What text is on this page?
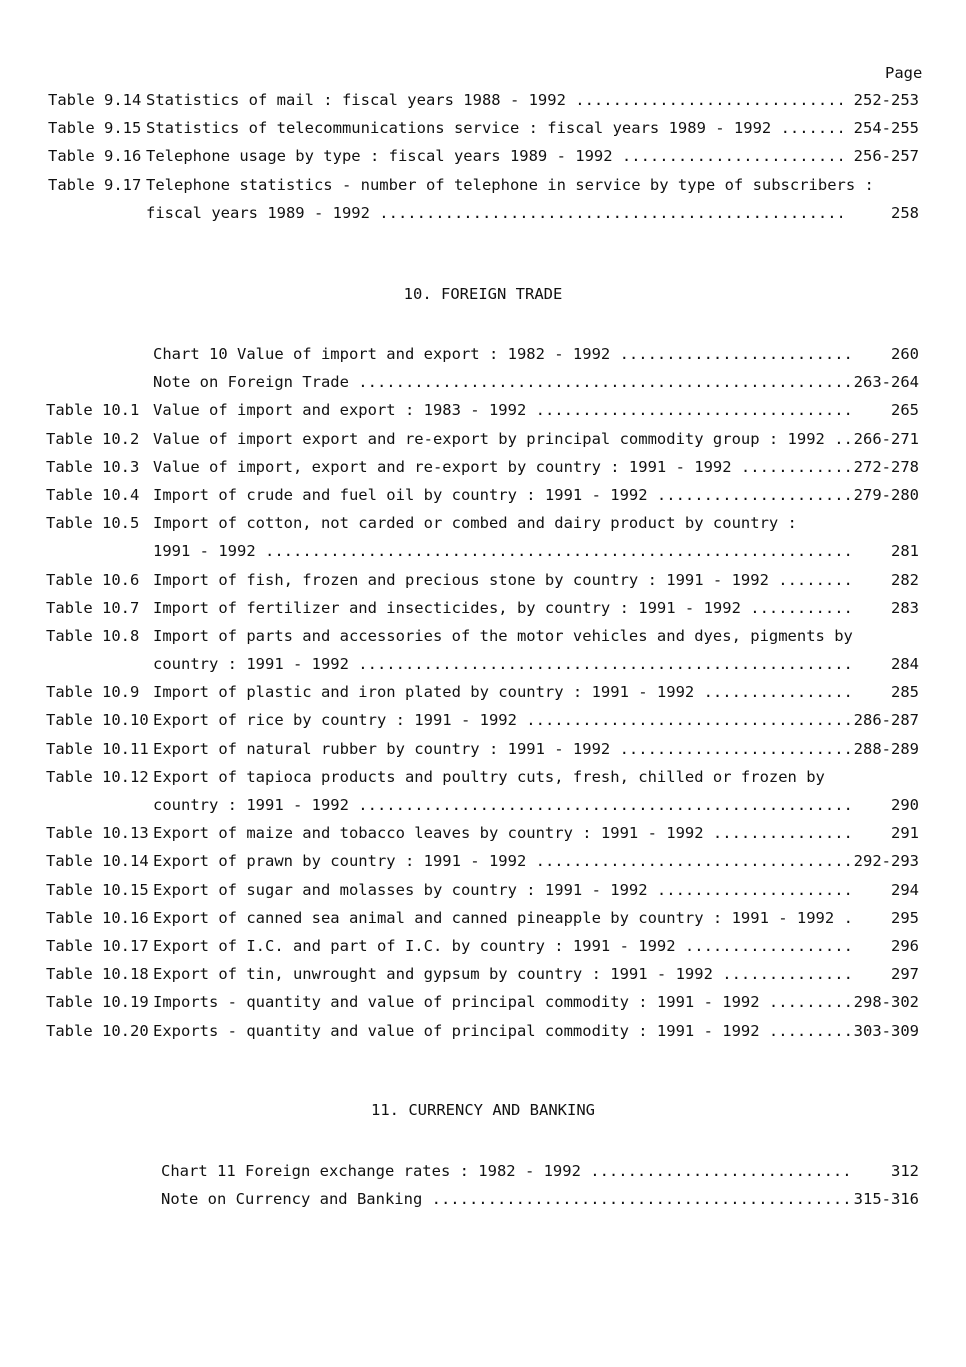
Page
Table 9.14 Statistics of mail : fiscal years 1988 - 1992 .....	252-253
Table 9.15 Statistics of telecommunications service : fiscal years 1989 - 1992 .....	254-255
Table 9.16 Telephone usage by type : fiscal years 1989 - 1992 .....	256-257
Table 9.17 Telephone statistics - number of telephone in service by type of subscribers :
fiscal years 1989 - 1992 .....	258
10. FOREIGN TRADE
Chart 10 Value of import and export : 1982 - 1992 .....	260
Note on Foreign Trade .....	263-264
Table 10.1 Value of import and export : 1983 - 1992 .....	265
Table 10.2 Value of import export and re-export by principal commodity group : 1992 .....	266-271
Table 10.3 Value of import, export and re-export by country : 1991 - 1992 .....	272-278
Table 10.4 Import of crude and fuel oil by country : 1991 - 1992 .....	279-280
Table 10.5 Import of cotton, not carded or combed and dairy product by country :
1991 - 1992 .....	281
Table 10.6 Import of fish, frozen and precious stone by country : 1991 - 1992 .....	282
Table 10.7 Import of fertilizer and insecticides, by country : 1991 - 1992 .....	283
Table 10.8 Import of parts and accessories of the motor vehicles and dyes, pigments by
country : 1991 - 1992 .....	284
Table 10.9 Import of plastic and iron plated by country : 1991 - 1992 .....	285
Table 10.10 Export of rice by country : 1991 - 1992 .....	286-287
Table 10.11 Export of natural rubber by country : 1991 - 1992 .....	288-289
Table 10.12 Export of tapioca products and poultry cuts, fresh, chilled or frozen by
country : 1991 - 1992 .....	290
Table 10.13 Export of maize and tobacco leaves by country : 1991 - 1992 .....	291
Table 10.14 Export of prawn by country : 1991 - 1992 .....	292-293
Table 10.15 Export of sugar and molasses by country : 1991 - 1992 .....	294
Table 10.16 Export of canned sea animal and canned pineapple by country : 1991 - 1992 .....	295
Table 10.17 Export of I.C. and part of I.C. by country : 1991 - 1992 .....	296
Table 10.18 Export of tin, unwrought and gypsum by country : 1991 - 1992 .....	297
Table 10.19 Imports - quantity and value of principal commodity : 1991 - 1992 .....	298-302
Table 10.20 Exports - quantity and value of principal commodity : 1991 - 1992 .....	303-309
11. CURRENCY AND BANKING
Chart 11 Foreign exchange rates : 1982 - 1992 .....	312
Note on Currency and Banking .....	315-316
